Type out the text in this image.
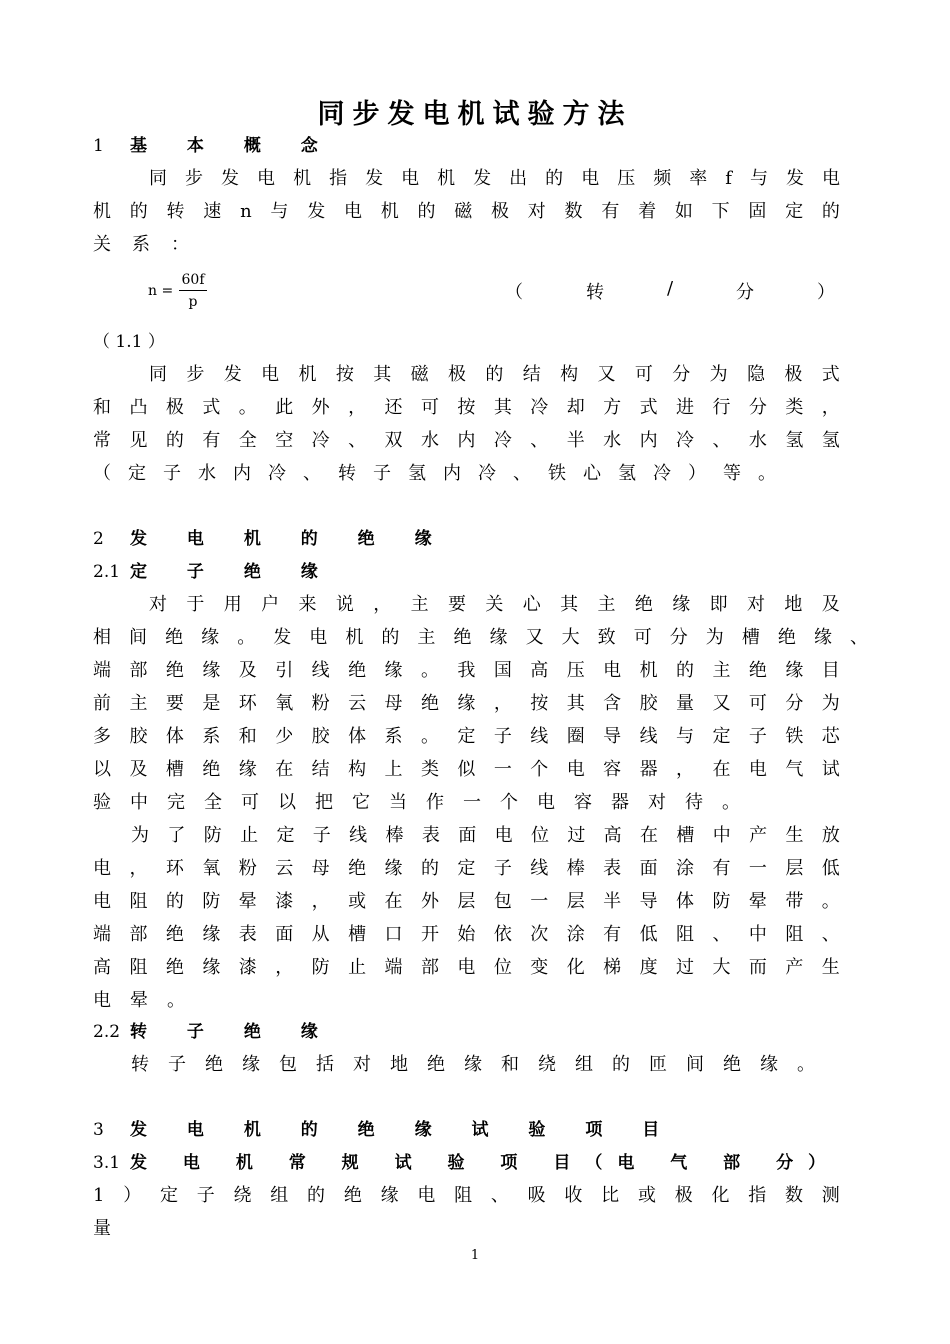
同步发电机试验方法
1 基 本 概 念
同 步 发 电 机 指 发 电 机 发 出 的 电 压 频 率 f 与 发 电
机 的 转 速 n 与 发 电 机 的 磁 极 对 数 有 着 如 下 固 定 的
关系：
$n = \frac{60f}{p}$	（	转	/	分	）
（ 1.1 ）
同 步 发 电 机 按 其 磁 极 的 结 构 又 可 分 为 隐 极 式
和 凸 极 式 。 此 外 ， 还 可 按 其 冷 却 方 式 进 行 分 类 ，
常 见 的 有 全 空 冷 、 双 水 内 冷 、 半 水 内 冷 、 水 氢 氢
（定子水内冷、转子氢内冷、铁心氢冷）等。
2 发 电 机 的 绝 缘
2.1 定 子 绝 缘
对 于 用 户 来 说 ， 主 要 关 心 其 主 绝 缘 即 对 地 及
相 间 绝 缘 。 发 电 机 的 主 绝 缘 又 大 致 可 分 为 槽 绝 缘 、
端 部 绝 缘 及 引 线 绝 缘 。 我 国 高 压 电 机 的 主 绝 缘 目
前 主 要 是 环 氧 粉 云 母 绝 缘 ， 按 其 含 胶 量 又 可 分 为
多 胶 体 系 和 少 胶 体 系 。 定 子 线 圈 导 线 与 定 子 铁 芯
以 及 槽 绝 缘 在 结 构 上 类 似 一 个 电 容 器 ， 在 电 气 试
验中完全可以把它当作一个电容器对待。
为 了 防 止 定 子 线 棒 表 面 电 位 过 高 在 槽 中 产 生 放
电 ， 环 氧 粉 云 母 绝 缘 的 定 子 线 棒 表 面 涂 有 一 层 低
电 阻 的 防 晕 漆 ， 或 在 外 层 包 一 层 半 导 体 防 晕 带 。
端 部 绝 缘 表 面 从 槽 口 开 始 依 次 涂 有 低 阻 、 中 阻 、
高 阻 绝 缘 漆 ， 防 止 端 部 电 位 变 化 梯 度 过 大 而 产 生
电晕。
2.2 转 子 绝 缘
转子绝缘包括对地绝缘和绕组的匝间绝缘。
3 发 电 机 的 绝 缘 试 验 项 目
3.1 发 电 机 常 规 试 验 项 目（电 气 部 分）
1 ） 定 子 绕 组 的 绝 缘 电 阻 、 吸 收 比 或 极 化 指 数 测
量
1
